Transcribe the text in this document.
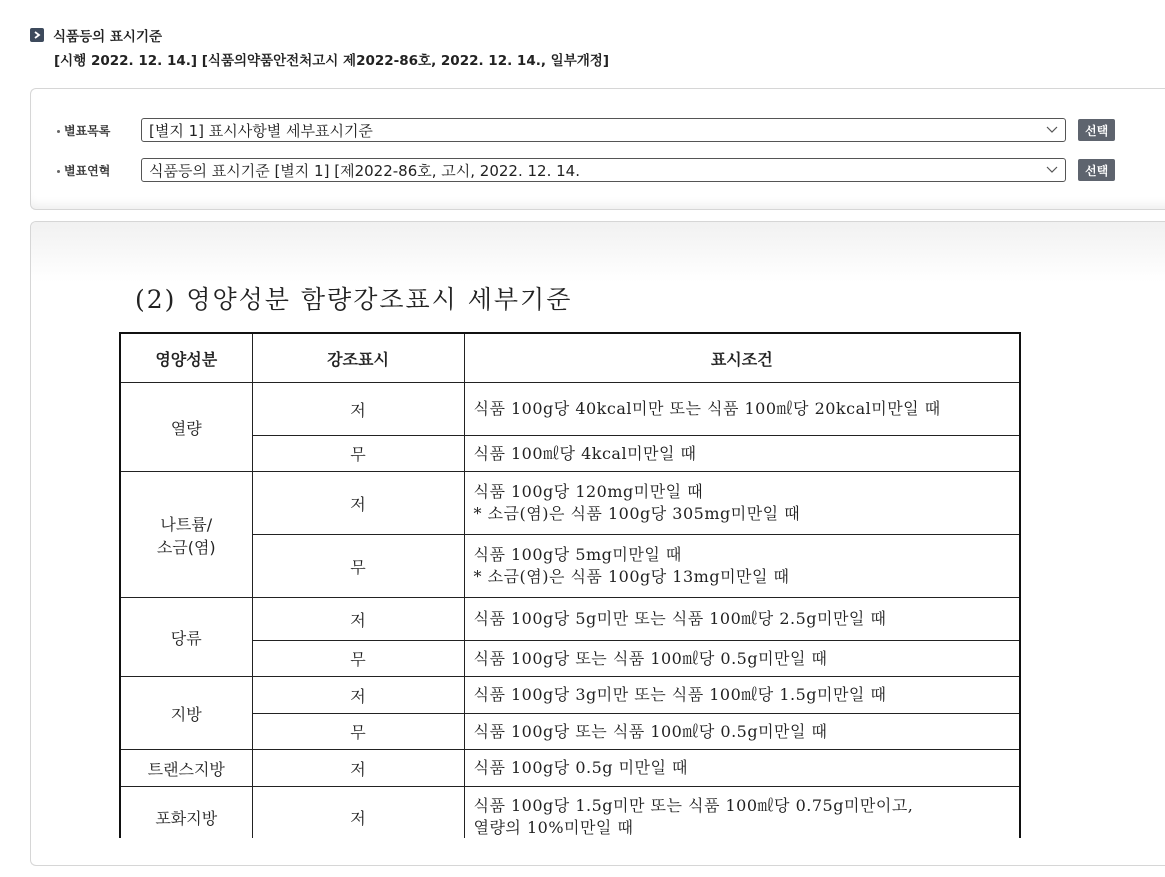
식품등의 표시기준
[시행 2022. 12. 14.] [식품의약품안전처고시 제2022-86호, 2022. 12. 14., 일부개정]
별표목록	[별지 1] 표시사항별 세부표시기준	선택
별표연혁	식품등의 표시기준 [별지 1] [제2022-86호, 고시, 2022. 12. 14.	선택
(2) 영양성분 함량강조표시 세부기준
영양성분	강조표시	표시조건
열량	저	식품 100g당 40kcal미만 또는 식품 100㎖당 20kcal미만일 때
	무	식품 100㎖당 4kcal미만일 때
나트륨/
소금(염)	저	식품 100g당 120mg미만일 때
* 소금(염)은 식품 100g당 305mg미만일 때
	무	식품 100g당 5mg미만일 때
* 소금(염)은 식품 100g당 13mg미만일 때
당류	저	식품 100g당 5g미만 또는 식품 100㎖당 2.5g미만일 때
	무	식품 100g당 또는 식품 100㎖당 0.5g미만일 때
지방	저	식품 100g당 3g미만 또는 식품 100㎖당 1.5g미만일 때
	무	식품 100g당 또는 식품 100㎖당 0.5g미만일 때
트랜스지방	저	식품 100g당 0.5g 미만일 때
포화지방	저	식품 100g당 1.5g미만 또는 식품 100㎖당 0.75g미만이고,
열량의 10%미만일 때
